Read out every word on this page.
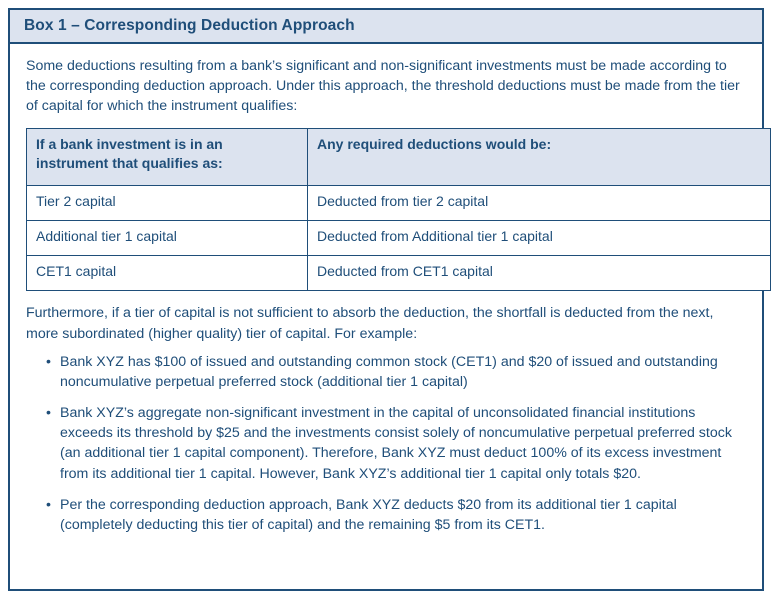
Box 1 – Corresponding Deduction Approach

Some deductions resulting from a bank’s significant and non-significant investments must be made according to the corresponding deduction approach. Under this approach, the threshold deductions must be made from the tier of capital for which the instrument qualifies:

If a bank investment is in an instrument that qualifies as:	Any required deductions would be:
Tier 2 capital	Deducted from tier 2 capital
Additional tier 1 capital	Deducted from Additional tier 1 capital
CET1 capital	Deducted from CET1 capital

Furthermore, if a tier of capital is not sufficient to absorb the deduction, the shortfall is deducted from the next, more subordinated (higher quality) tier of capital. For example:

• Bank XYZ has $100 of issued and outstanding common stock (CET1) and $20 of issued and outstanding noncumulative perpetual preferred stock (additional tier 1 capital)
• Bank XYZ’s aggregate non-significant investment in the capital of unconsolidated financial institutions exceeds its threshold by $25 and the investments consist solely of noncumulative perpetual preferred stock (an additional tier 1 capital component). Therefore, Bank XYZ must deduct 100% of its excess investment from its additional tier 1 capital. However, Bank XYZ’s additional tier 1 capital only totals $20.
• Per the corresponding deduction approach, Bank XYZ deducts $20 from its additional tier 1 capital (completely deducting this tier of capital) and the remaining $5 from its CET1.
